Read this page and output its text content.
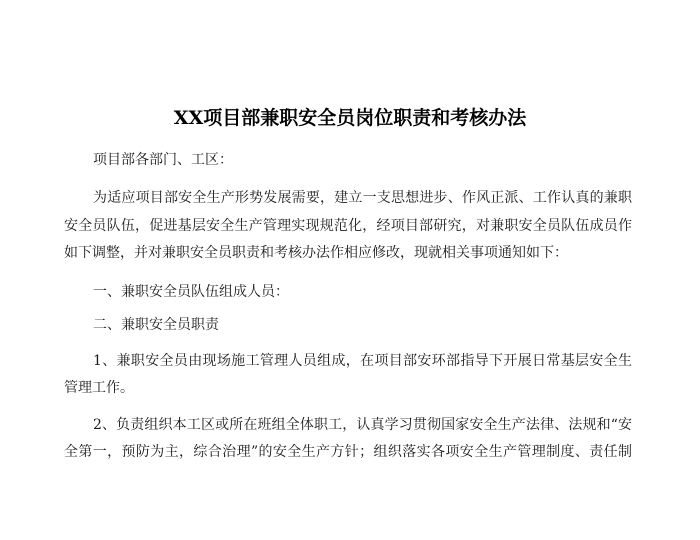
XX项目部兼职安全员岗位职责和考核办法
项目部各部门、工区：
为适应项目部安全生产形势发展需要，建立一支思想进步、作风正派、工作认真的兼职
安全员队伍，促进基层安全生产管理实现规范化，经项目部研究，对兼职安全员队伍成员作
如下调整，并对兼职安全员职责和考核办法作相应修改，现就相关事项通知如下：
一、兼职安全员队伍组成人员：
二、兼职安全员职责
1、兼职安全员由现场施工管理人员组成，在项目部安环部指导下开展日常基层安全生
管理工作。
2、负责组织本工区或所在班组全体职工，认真学习贯彻国家安全生产法律、法规和“安
全第一，预防为主，综合治理”的安全生产方针；组织落实各项安全生产管理制度、责任制
